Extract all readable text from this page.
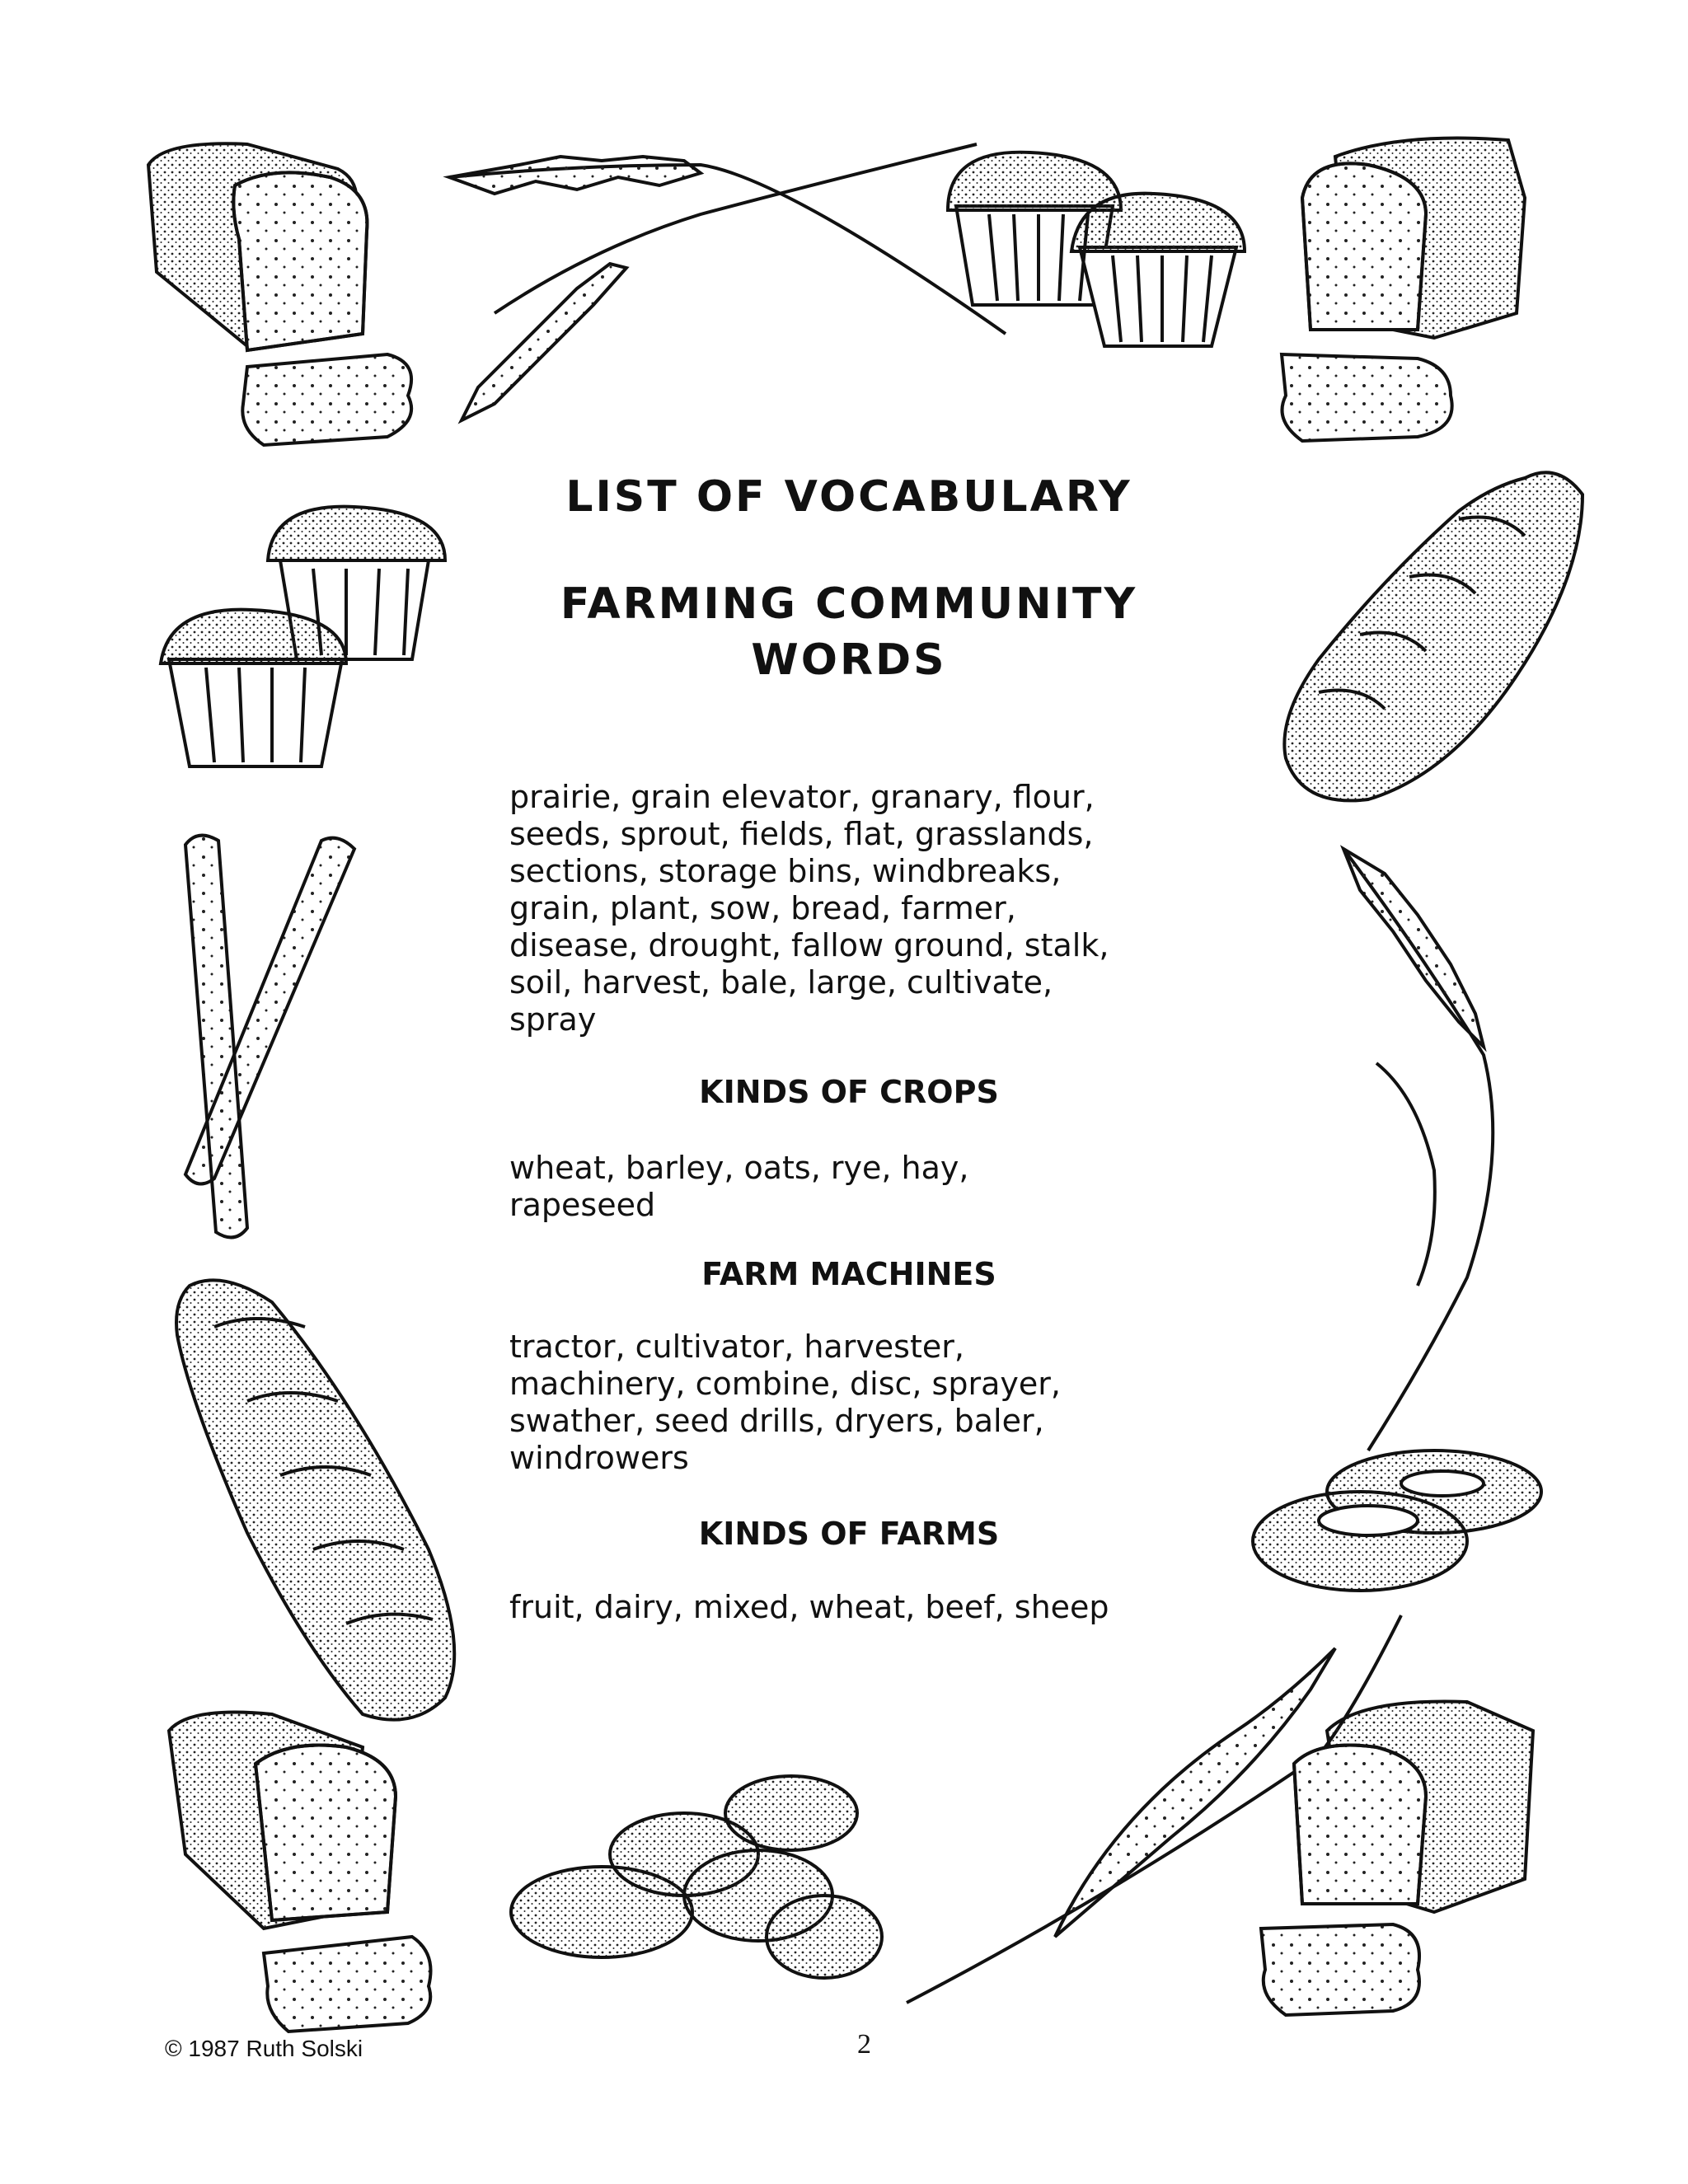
LIST OF VOCABULARY
FARMING COMMUNITY
WORDS

prairie, grain elevator, granary, flour,
seeds, sprout, fields, flat, grasslands,
sections, storage bins, windbreaks,
grain, plant, sow, bread, farmer,
disease, drought, fallow ground, stalk,
soil, harvest, bale, large, cultivate,
spray

KINDS OF CROPS

wheat, barley, oats, rye, hay,
rapeseed

FARM MACHINES

tractor, cultivator, harvester,
machinery, combine, disc, sprayer,
swather, seed drills, dryers, baler,
windrowers

KINDS OF FARMS

fruit, dairy, mixed, wheat, beef, sheep

© 1987 Ruth Solski	2
